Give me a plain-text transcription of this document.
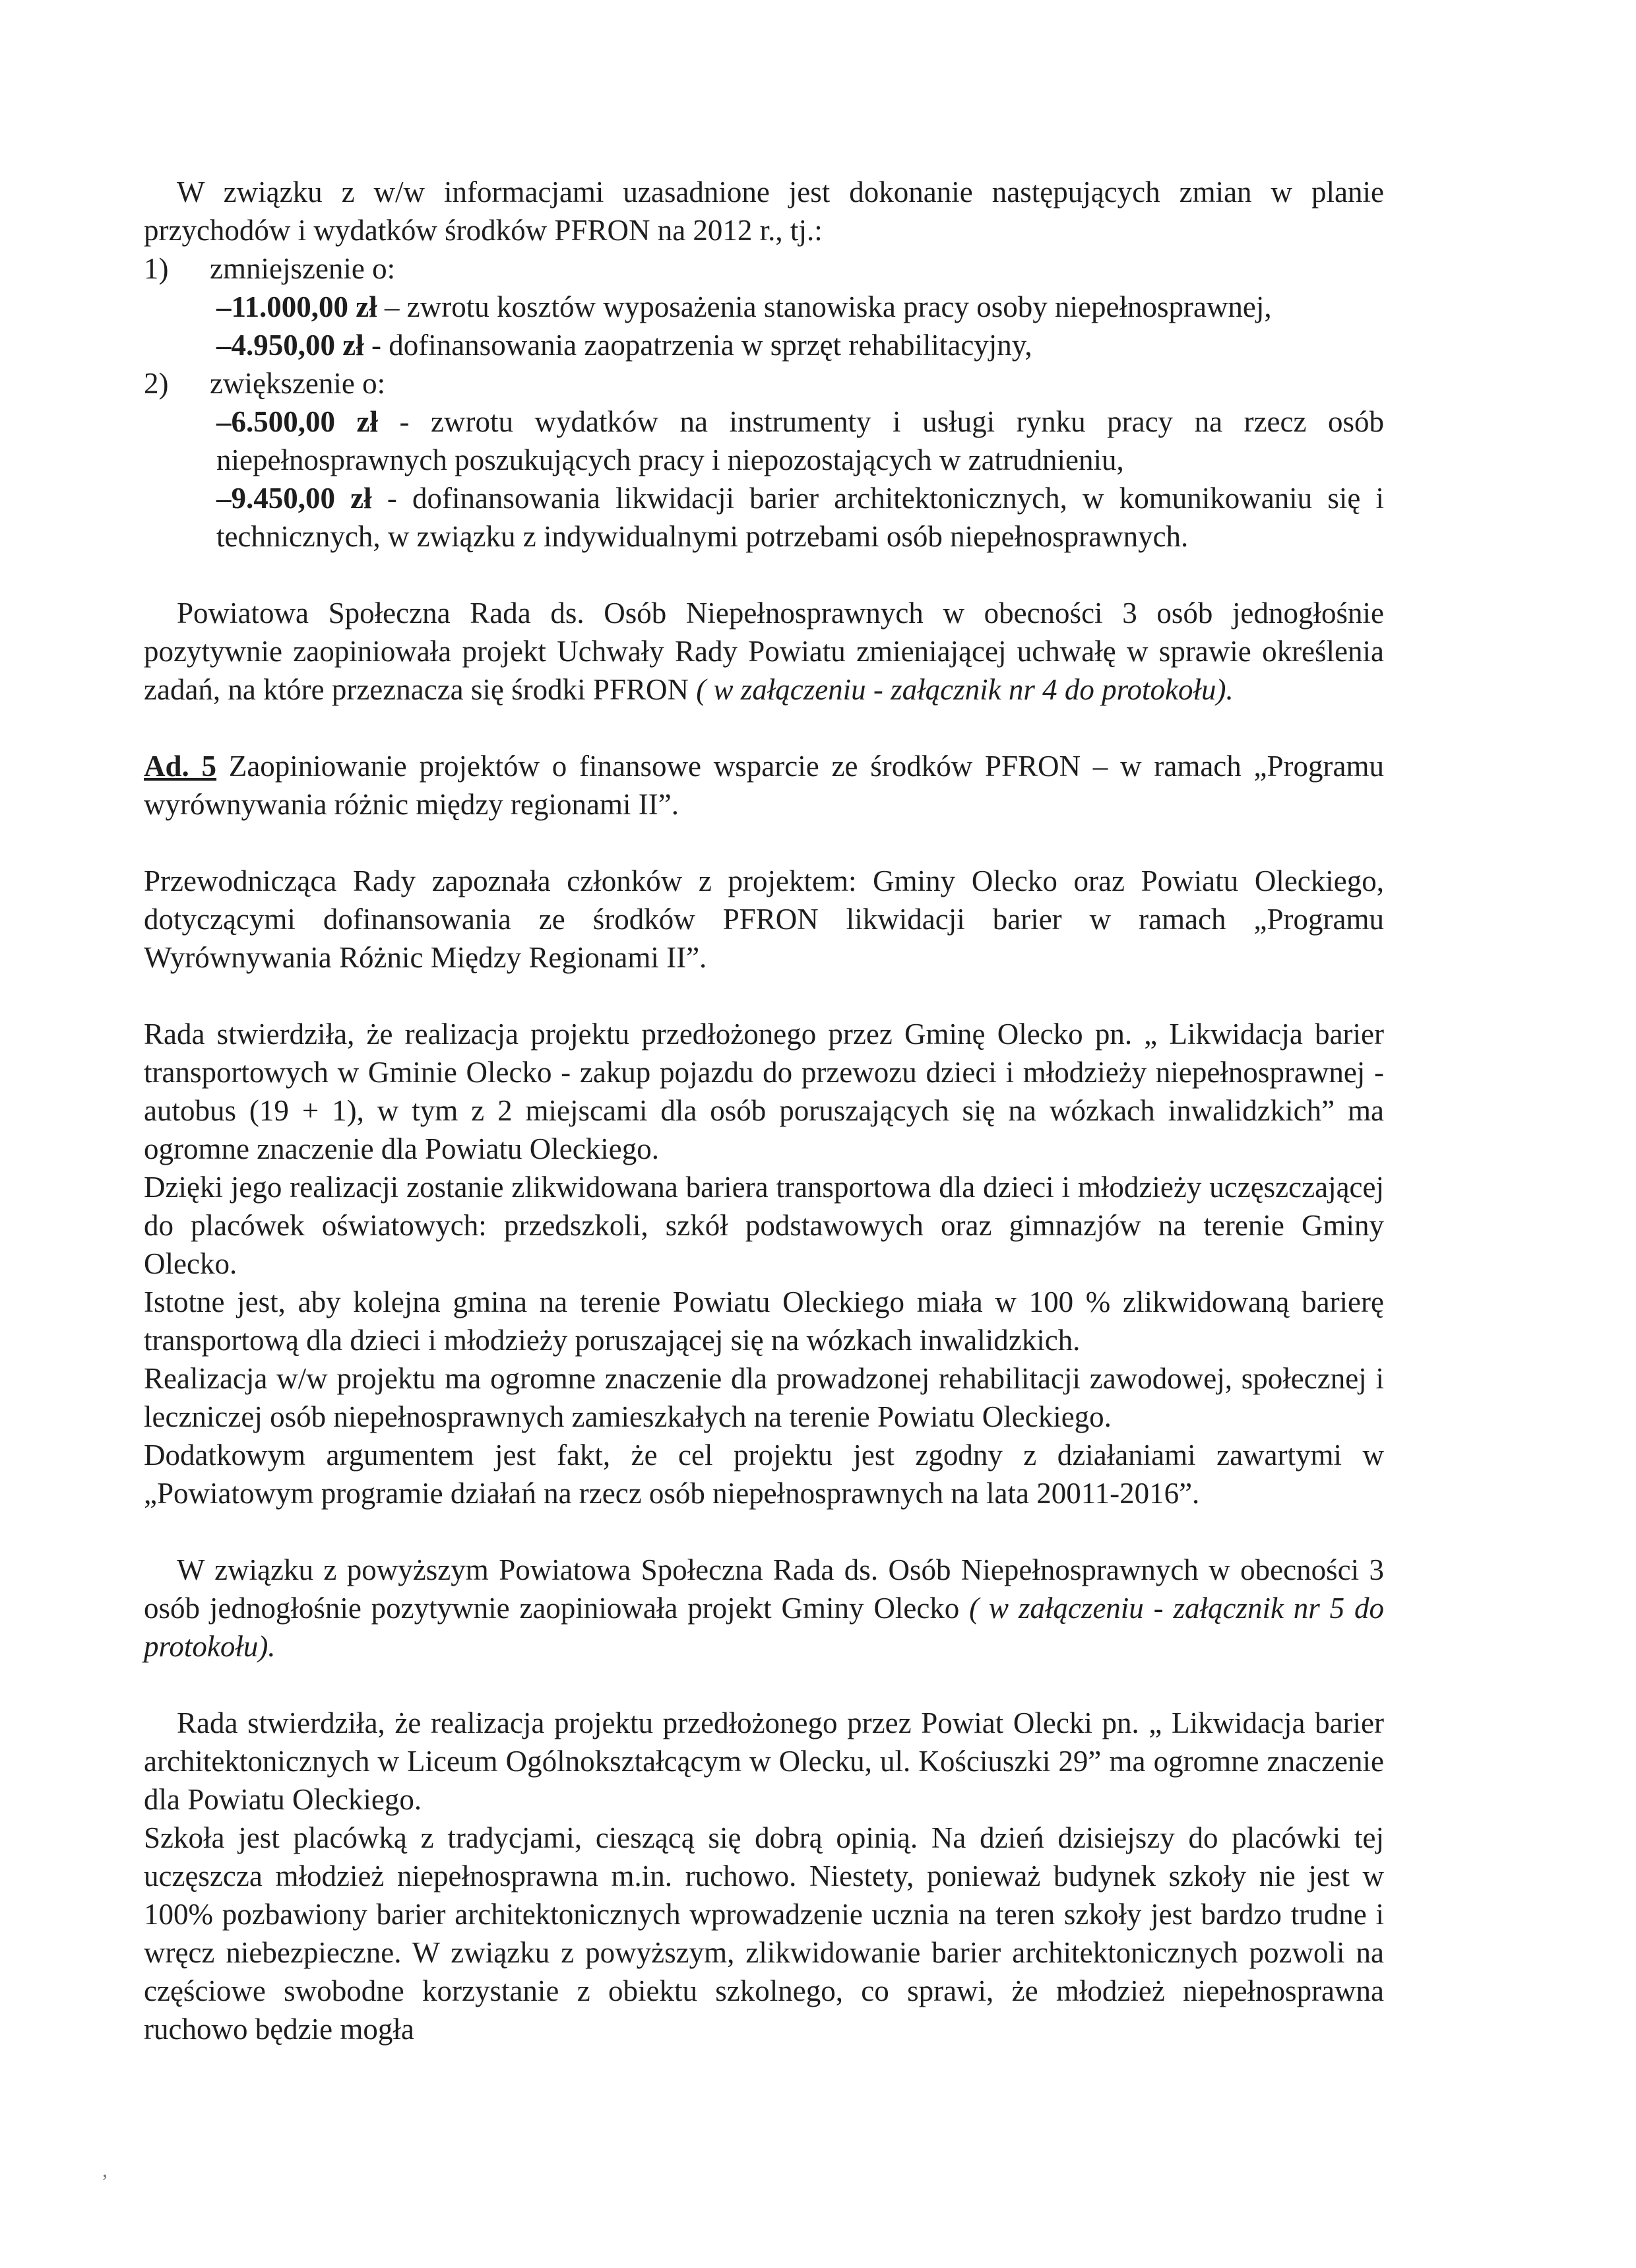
W związku z w/w informacjami uzasadnione jest dokonanie następujących zmian w planie przychodów i wydatków środków PFRON na 2012 r., tj.:

1)	zmniejszenie o:

–11.000,00 zł – zwrotu kosztów wyposażenia stanowiska pracy osoby niepełnosprawnej,

–4.950,00 zł - dofinansowania zaopatrzenia w sprzęt rehabilitacyjny,

2)	zwiększenie o:

–6.500,00 zł - zwrotu wydatków na instrumenty i usługi rynku pracy na rzecz osób niepełnosprawnych poszukujących pracy i niepozostających w zatrudnieniu,

–9.450,00 zł - dofinansowania likwidacji barier architektonicznych, w komunikowaniu się i technicznych, w związku z indywidualnymi potrzebami osób niepełnosprawnych.

Powiatowa Społeczna Rada ds. Osób Niepełnosprawnych w obecności 3 osób jednogłośnie pozytywnie zaopiniowała projekt Uchwały Rady Powiatu zmieniającej uchwałę w sprawie określenia zadań, na które przeznacza się środki PFRON ( w załączeniu - załącznik nr 4 do protokołu).

Ad. 5 Zaopiniowanie projektów o finansowe wsparcie ze środków PFRON – w ramach „Programu wyrównywania różnic między regionami II”.

Przewodnicząca Rady zapoznała członków z projektem: Gminy Olecko oraz Powiatu Oleckiego, dotyczącymi dofinansowania ze środków PFRON likwidacji barier w ramach „Programu Wyrównywania Różnic Między Regionami II”.

Rada stwierdziła, że realizacja projektu przedłożonego przez Gminę Olecko pn. „ Likwidacja barier transportowych w Gminie Olecko - zakup pojazdu do przewozu dzieci i młodzieży niepełnosprawnej - autobus (19 + 1), w tym z 2 miejscami dla osób poruszających się na wózkach inwalidzkich” ma ogromne znaczenie dla Powiatu Oleckiego.

Dzięki jego realizacji zostanie zlikwidowana bariera transportowa dla dzieci i młodzieży uczęszczającej do placówek oświatowych: przedszkoli, szkół podstawowych oraz gimnazjów na terenie Gminy Olecko.

Istotne jest, aby kolejna gmina na terenie Powiatu Oleckiego miała w 100 % zlikwidowaną barierę transportową dla dzieci i młodzieży poruszającej się na wózkach inwalidzkich.

Realizacja w/w projektu ma ogromne znaczenie dla prowadzonej rehabilitacji zawodowej, społecznej i leczniczej osób niepełnosprawnych zamieszkałych na terenie Powiatu Oleckiego.

Dodatkowym argumentem jest fakt, że cel projektu jest zgodny z działaniami zawartymi w „Powiatowym programie działań na rzecz osób niepełnosprawnych na lata 20011-2016”.

W związku z powyższym Powiatowa Społeczna Rada ds. Osób Niepełnosprawnych w obecności 3 osób jednogłośnie pozytywnie zaopiniowała projekt Gminy Olecko ( w załączeniu - załącznik nr 5 do protokołu).

Rada stwierdziła, że realizacja projektu przedłożonego przez Powiat Olecki pn. „ Likwidacja barier architektonicznych w Liceum Ogólnokształcącym w Olecku, ul. Kościuszki 29” ma ogromne znaczenie dla Powiatu Oleckiego.

Szkoła jest placówką z tradycjami, cieszącą się dobrą opinią. Na dzień dzisiejszy do placówki tej uczęszcza młodzież niepełnosprawna m.in. ruchowo. Niestety, ponieważ budynek szkoły nie jest w 100% pozbawiony barier architektonicznych wprowadzenie ucznia na teren szkoły jest bardzo trudne i wręcz niebezpieczne. W związku z powyższym, zlikwidowanie barier architektonicznych pozwoli na częściowe swobodne korzystanie z obiektu szkolnego, co sprawi, że młodzież niepełnosprawna ruchowo będzie mogła

,
